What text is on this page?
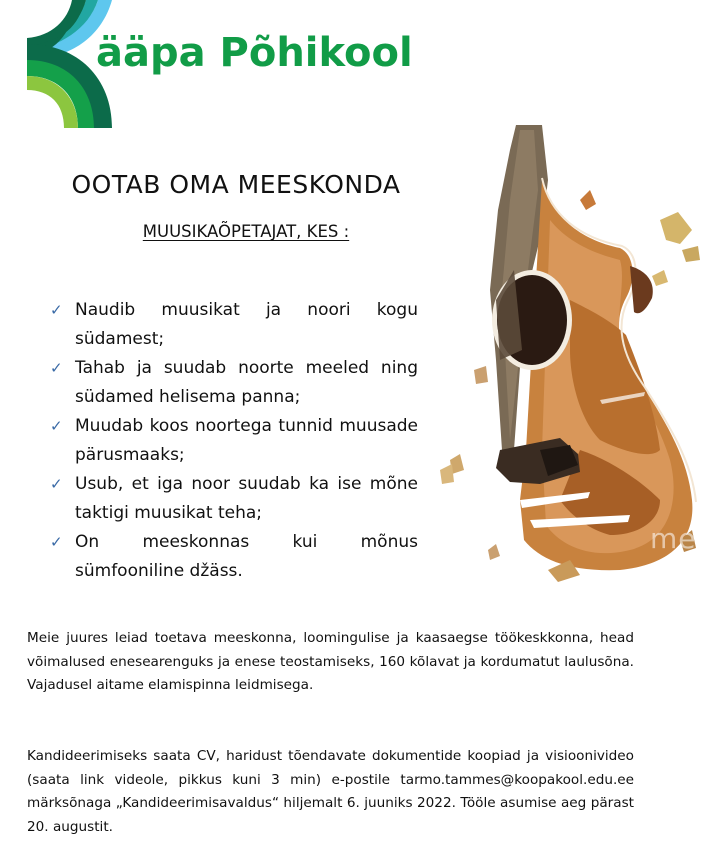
ääpa Põhikool
OOTAB OMA MEESKONDA
MUUSIKAÕPETAJAT, KES :
✓ Naudib muusikat ja noori kogu südamest;
✓ Tahab ja suudab noorte meeled ning südamed helisema panna;
✓ Muudab koos noortega tunnid muusade pärusmaaks;
✓ Usub, et iga noor suudab ka ise mõne taktigi muusikat teha;
✓ On meeskonnas kui mõnus sümfooniline džäss.
me
Meie juures leiad toetava meeskonna, loomingulise ja kaasaegse töökeskkonna, head võimalused enesearenguks ja enese teostamiseks, 160 kõlavat ja kordumatut laulusõna. Vajadusel aitame elamispinna leidmisega.
Kandideerimiseks saata CV, haridust tõendavate dokumentide koopiad ja visioonivideo (saata link videole, pikkus kuni 3 min) e-postile tarmo.tammes@koopakool.edu.ee märksõnaga „Kandideerimisavaldus“ hiljemalt 6. juuniks 2022. Tööle asumise aeg pärast 20. augustit.
